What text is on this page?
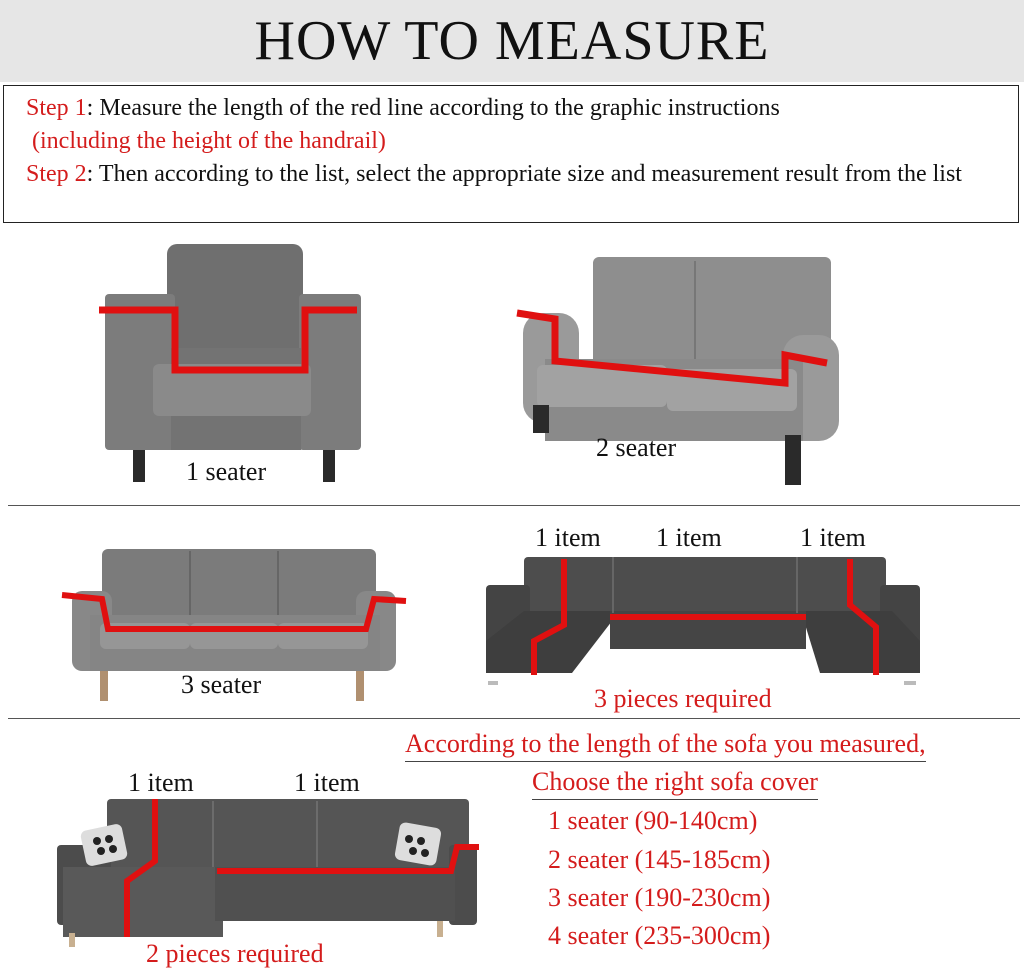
HOW TO MEASURE
Step 1: Measure the length of the red line according to the graphic instructions
(including the height of the handrail)
Step 2: Then according to the list, select the appropriate size and measurement result from the list
1 seater
2 seater
3 seater
1 item 1 item	1 item
3 pieces required
1 item	1 item
2 pieces required
According to the length of the sofa you measured,
Choose the right sofa cover
1 seater (90-140cm)
2 seater (145-185cm)
3 seater (190-230cm)
4 seater (235-300cm)
